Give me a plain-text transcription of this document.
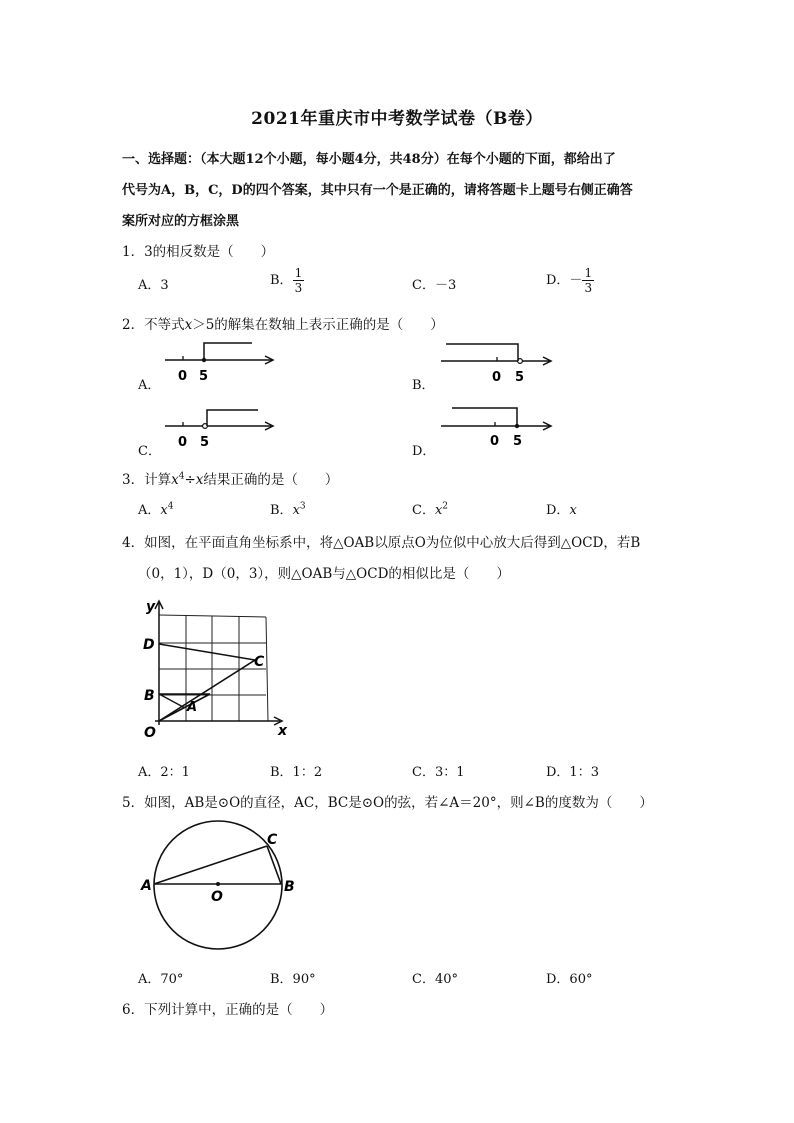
2021年重庆市中考数学试卷（B卷）
一、选择题：（本大题12个小题，每小题4分，共48分）在每个小题的下面，都给出了
代号为A，B，C，D的四个答案，其中只有一个是正确的，请将答题卡上题号右侧正确答
案所对应的方框涂黑
1．3的相反数是（　　）
A．3	B． $\frac{1}{3}$	C．－3	D．－ $\frac{1}{3}$
2．不等式x＞5的解集在数轴上表示正确的是（　　）
A．
0 5
B．
0 5
C．
0 5
D．
0 5
3．计算$x^4\div x$结果正确的是（　　）
A．$x^4$	B．$x^3$	C．$x^2$	D．x
4．如图，在平面直角坐标系中，将△OAB以原点O为位似中心放大后得到△OCD，若B
（0，1），D（0，3），则△OAB与△OCD的相似比是（　　）
y
x
D
C
B
A
O
A．2：1	B．1：2	C．3：1	D．1：3
5．如图，AB是⊙O的直径，AC，BC是⊙O的弦，若∠A＝20°，则∠B的度数为（　　）
A	B
C
O
A．70°	B．90°	C．40°	D．60°
6．下列计算中，正确的是（　　）
